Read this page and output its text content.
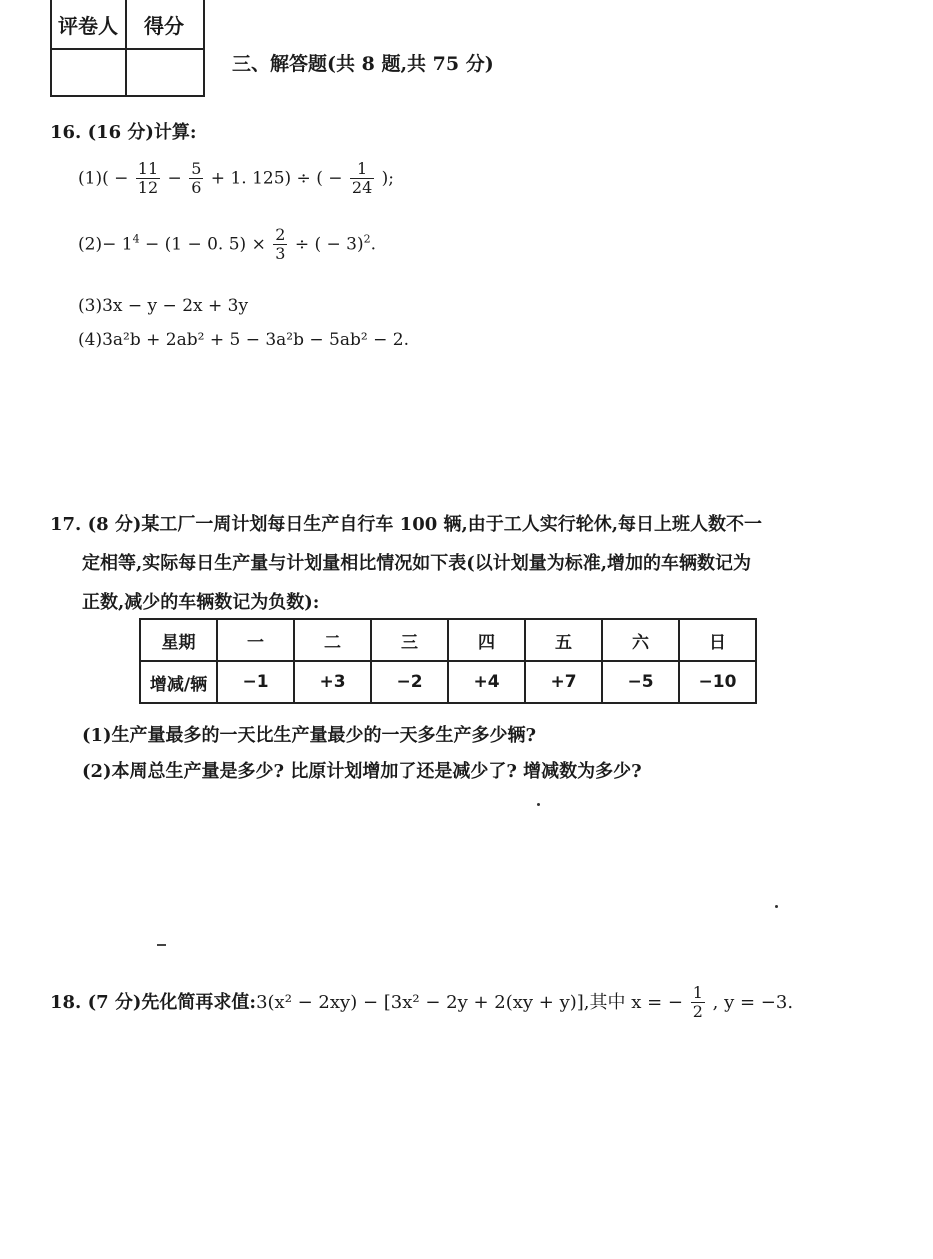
评卷人 得分
三、解答题(共 8 题,共 75 分)
16. (16 分)计算:
$(1)( - \frac{11}{12} - \frac{5}{6} + 1$. 125) ÷ ( − $\frac{1}{24}$ );
$(2)- 1^4 - (1 - 0$. $5) \times \frac{2}{3}$ ÷ ( − 3)$^2$.
(3)3x − y − 2x + 3y
(4)3a²b + 2ab² + 5 − 3a²b − 5ab² − 2.
17. (8 分)某工厂一周计划每日生产自行车 100 辆,由于工人实行轮休,每日上班人数不一
定相等,实际每日生产量与计划量相比情况如下表(以计划量为标准,增加的车辆数记为
正数,减少的车辆数记为负数):
星期	一	二	三	四	五	六	日
增减/辆	−1	+3	−2	+4	+7	−5	−10
(1)生产量最多的一天比生产量最少的一天多生产多少辆?
(2)本周总生产量是多少? 比原计划增加了还是减少了? 增减数为多少?
18. (7 分)先化简再求值:3(x² − 2xy) − [3x² − 2y + 2(xy + y)],其中 x = − $\frac{1}{2}$ , y = −3.
